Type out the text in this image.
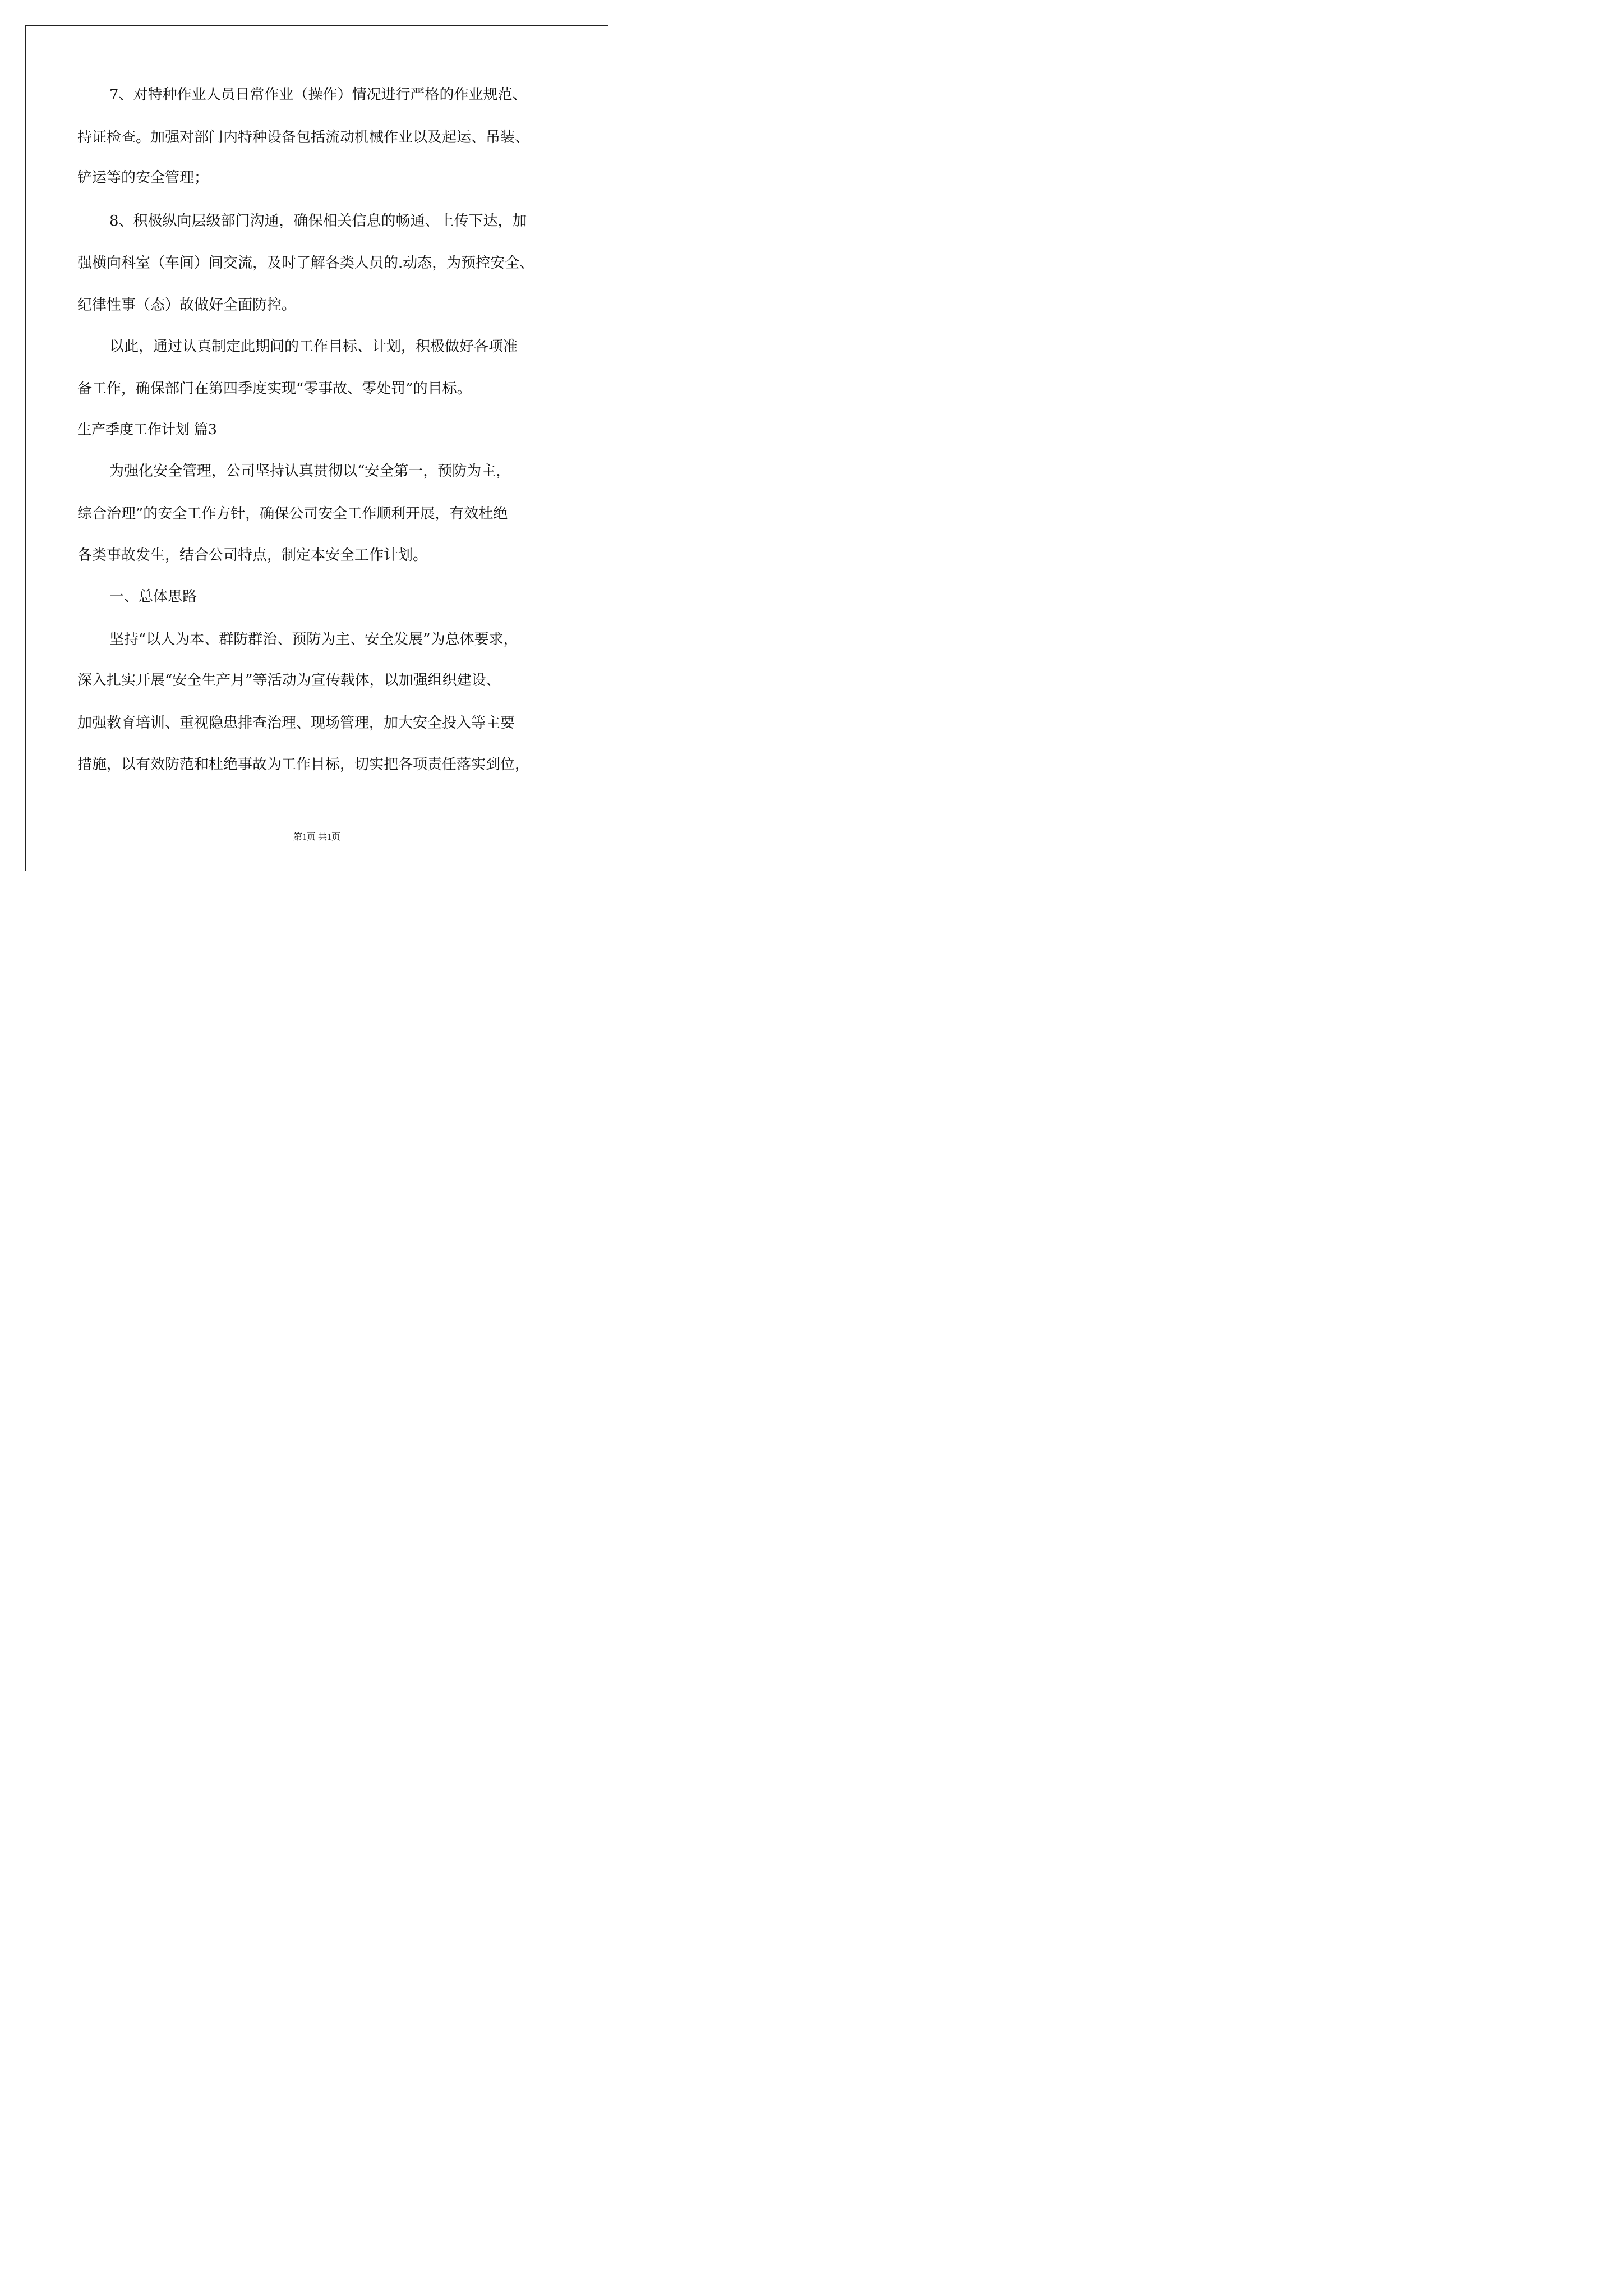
7、对特种作业人员日常作业（操作）情况进行严格的作业规范、

持证检查。加强对部门内特种设备包括流动机械作业以及起运、吊装、

铲运等的安全管理；

8、积极纵向层级部门沟通，确保相关信息的畅通、上传下达，加

强横向科室（车间）间交流，及时了解各类人员的.动态，为预控安全、

纪律性事（态）故做好全面防控。

以此，通过认真制定此期间的工作目标、计划，积极做好各项准

备工作，确保部门在第四季度实现“零事故、零处罚”的目标。

生产季度工作计划 篇3

为强化安全管理，公司坚持认真贯彻以“安全第一，预防为主，

综合治理”的安全工作方针，确保公司安全工作顺利开展，有效杜绝

各类事故发生，结合公司特点，制定本安全工作计划。

一、总体思路

坚持“以人为本、群防群治、预防为主、安全发展”为总体要求，

深入扎实开展“安全生产月”等活动为宣传载体，以加强组织建设、

加强教育培训、重视隐患排查治理、现场管理，加大安全投入等主要

措施，以有效防范和杜绝事故为工作目标，切实把各项责任落实到位，

第1页 共1页
